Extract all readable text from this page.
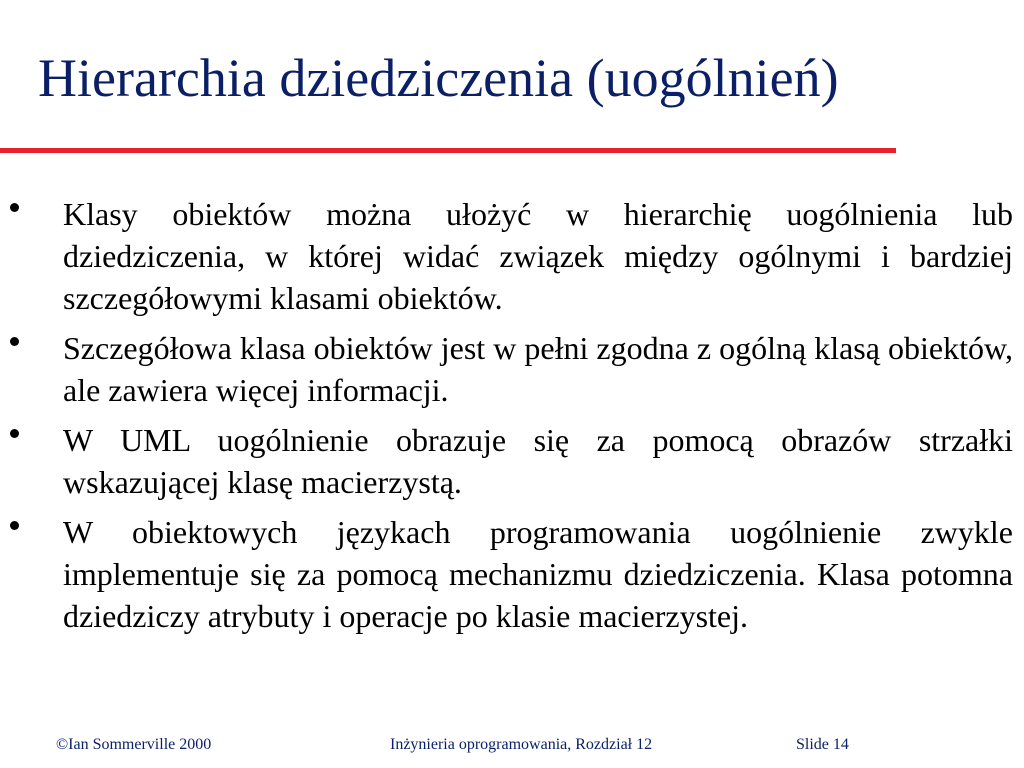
Hierarchia dziedziczenia (uogólnień)
Klasy obiektów można ułożyć w hierarchię uogólnienia lub dziedziczenia, w której widać związek między ogólnymi i bardziej szczegółowymi klasami obiektów.
Szczegółowa klasa obiektów jest w pełni zgodna z ogólną klasą obiektów, ale zawiera więcej informacji.
W UML uogólnienie obrazuje się za pomocą obrazów strzałki wskazującej klasę macierzystą.
W obiektowych językach programowania uogólnienie zwykle implementuje się za pomocą mechanizmu dziedziczenia. Klasa potomna dziedziczy atrybuty i operacje po klasie macierzystej.
©Ian Sommerville 2000	Inżynieria oprogramowania, Rozdział 12	Slide 14
